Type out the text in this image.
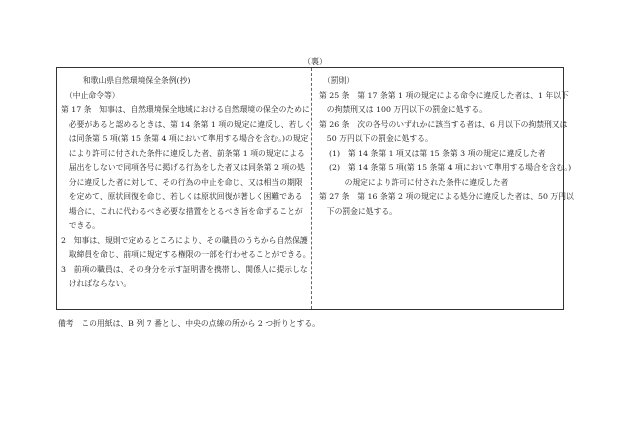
（裏）
和歌山県自然環境保全条例(抄)
（中止命令等）
第 17 条　知事は、自然環境保全地域における自然環境の保全のために
　必要があると認めるときは、第 14 条第 1 項の規定に違反し、若しく
　は同条第 5 項(第 15 条第 4 項において準用する場合を含む。)の規定
　により許可に付された条件に違反した者、前条第 1 項の規定による
　届出をしないで同項各号に掲げる行為をした者又は同条第 2 項の処
　分に違反した者に対して、その行為の中止を命じ、又は相当の期限
　を定めて、原状回復を命じ、若しくは原状回復が著しく困難である
　場合に、これに代わるべき必要な措置をとるべき旨を命ずることが
　できる。
2　知事は、規則で定めるところにより、その職員のうちから自然保護
　取締員を命じ、前項に規定する権限の一部を行わせることができる。
3　前項の職員は、その身分を示す証明書を携帯し、関係人に提示しな
　ければならない。
（罰則）
第 25 条　第 17 条第 1 項の規定による命令に違反した者は、1 年以下
　の拘禁刑又は 100 万円以下の罰金に処する。
第 26 条　次の各号のいずれかに該当する者は、6 月以下の拘禁刑又は
　50 万円以下の罰金に処する。
(1)　第 14 条第 1 項又は第 15 条第 3 項の規定に違反した者
(2)　第 14 条第 5 項(第 15 条第 4 項において準用する場合を含む。)
　　の規定により許可に付された条件に違反した者
第 27 条　第 16 条第 2 項の規定による処分に違反した者は、50 万円以
　下の罰金に処する。
備考　この用紙は、B 列 7 番とし、中央の点線の所から 2 つ折りとする。
